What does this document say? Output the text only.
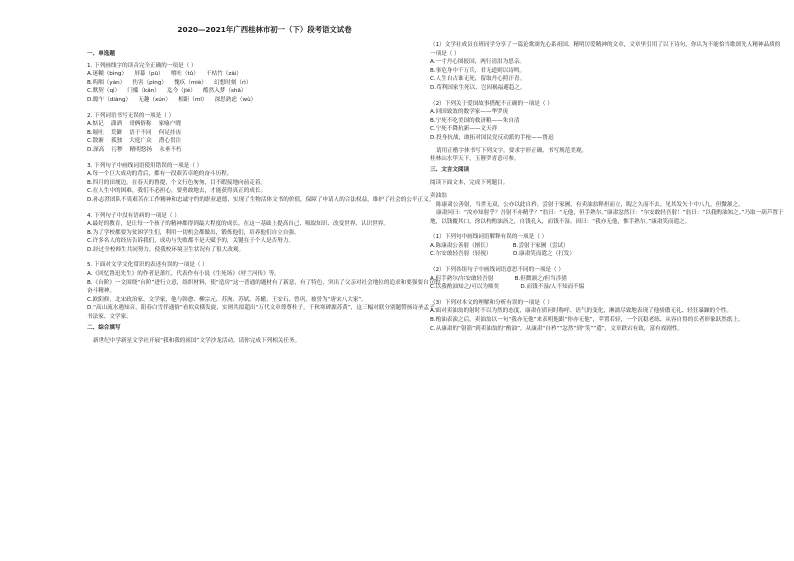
2020—2021年广西桂林市初一（下）段考语文试卷

一、单选题

1. 下列画线字的读音完全正确的一项是（ ）

A.迷糊（bìng）    屏幕（pū）    喷吐（tǔ）    干枯竹（zài）

B.呜咽（yàn）    伤害（pìng）    愧疚（miè）    幻想时刻（rì）

C.默契（qì）    门槛（kǎn）    迄今（jié）    酷然入梦（shā）

D.瞻午（diàng）    无趣（xún）    相距（mī）    深思熟虑（wù）

2. 下列词语书写无误的一项是（ ）

A.惦记    潇洒    哥俩俗称    家喻户晓

B.堀吐    荒僻    语于不同    何足挂齿

C.散渐    孤独    大庭广众    潜心贯注

D.深高    污秽    精明悠扬    永垂不朽

3. 下列句子中画线词语使用错误的一项是（ ）

A.每一个巨大成功的背后，都有一段艰苦卓绝的奋斗历程。

B.四月的田埂边，在春天的鲁提，个文行色匆匆，目不暇接地向前走着。

C.在人生中的困难，我们不必担心，要勇敢地去，才能获得真正的成长。

D.孙志澄团队不畏艰苦在工作精神和忠诚守约的职业道德，实现了生物活体文书的价值，保障了申请人的合法权益，维护了社会的公平正义。

4. 下列句子中没有语病的一项是（ ）

A.最好的教育，是让每一个孩子的精神都得到最大程度的成长，在这一基础上提高自己、吸取知识、改变世界、认识世界。

B.为了学校都要为贫困学生们，利用一切机会都做出，锻炼他们，培养他们自立自强。

C.许多名人的经历告诉我们，成功与失败都不是天赋予的，关键在于个人是否努力。

D.经过全校师生共同努力，使我校环境卫生状况有了很大改观。

5. 下面对文学文化常识的表述有误的一项是（ ）

A.《回忆鲁迅先生》的作者是萧红，代表作有小说《生死场》《呼兰河传》等。

B.《台阶》一文围绕“台阶”进行立意，组织材料，使“造房”这一普通的题材有了新意，有了特色，突出了父亲对社会地位的追求和要强要自立的奋斗精神。

C.欧阳修，北宋政治家、文学家，他与韩愈、柳宗元、苏洵、苏轼、苏辙、王安石、曾巩，被誉为“唐宋八大家”。

D.“高山流水遇知音，阳春白雪伴通俗”看似众横发旋，实则共拟超出“万代文章尊尊柱子，千秋寒碑源苏黄”，这三幅对联分别题赞扬诗圣孟子、书法家、文学家。

二、综合填写

新世纪中学新星文学社开展“我和我的祖国”文学沙龙活动，请你完成下列相关任务。

（1）文学社成员在班同学分享了一篇论歌颂先心系祖国、精明厉爱精神的文章，文章里引用了以下诗句，你认为不能恰当歌颂先人精神品质的一项是（ ）

A.一寸丹心图报国，两行清泪为思亲。

B.事危身中千万兵，君无道则以诗鸣。

C.人生自古谁无死，留取丹心照汗青。

D.苟利国家生死以，岂因祸福避趋之。

（2）下列关于爱国故事搭配不正确的一项是（ ）

A.回国致效的数学家——华罗庚

B.宁死不吃美国的救济粮——朱自清

C.宁死不降抗新——文天祥

D.投身抗战，敢拓对国民党反动派的手枪——鲁迅

请用正楷字体书写下列文字，要求字形正确、书写规范美观。

桂林山水甲天下，玉簪罗青意可参。

三、文言文阅读

阅读下面文本，完成下列题目。

卖油翁

陈康肃公善射，当世无双，公亦以此自矜。尝射于家圃，有卖油翁释担而立，睨之久而不去。见其发矢十中八九，但微颔之。

康肃问曰：“汝亦知射乎？吾射不亦精乎？”翁曰：“无他，但手熟尔。”康肃忿然曰：“尔安敢轻吾射！”翁曰：“以我酌油知之。”乃取一葫芦置于地，以钱覆其口，徐以杓酌油沥之，自钱孔入，而钱不湿。因曰：“我亦无他，惟手熟尔。”康肃笑而遣之。

（1）下列句中画线词语解释有误的一项是（ ）

A.陈康肃公善射（擅长）            B.尝射于家圃（尝试）

C.尔安敢轻吾射（轻视）            D.康肃笑而遣之（打发）

（2）下列各组句子中画线词语意思不同的一项是（ ）

A.但手熟尔/尔安敢轻吾射            B.但微颔之/但当涉猎

C.以我酌油知之/可以为师矣            D.而钱不湿/人不知而不愠

（3）下列对本文的理解和分析有误的一项是（ ）

A.面对卖油翁的射时不以为然的态度，康肃在质问时称呼、语气的变化，淋漓尽致地表现了他骄傲无礼、轻狂暴躁的个性。

B.酌油表演之后，卖油翁以一句“我亦无他”来表明他跟“你亦无他”，苹置若轻，一个沉稳老练、从容自得的长者形象跃然纸上。

C.从康肃的“射箭”到卖油翁的“酌油”，从康肃“自矜”“忿然”到“笑”“遣”，文章跌宕有致，富有戏剧性。
